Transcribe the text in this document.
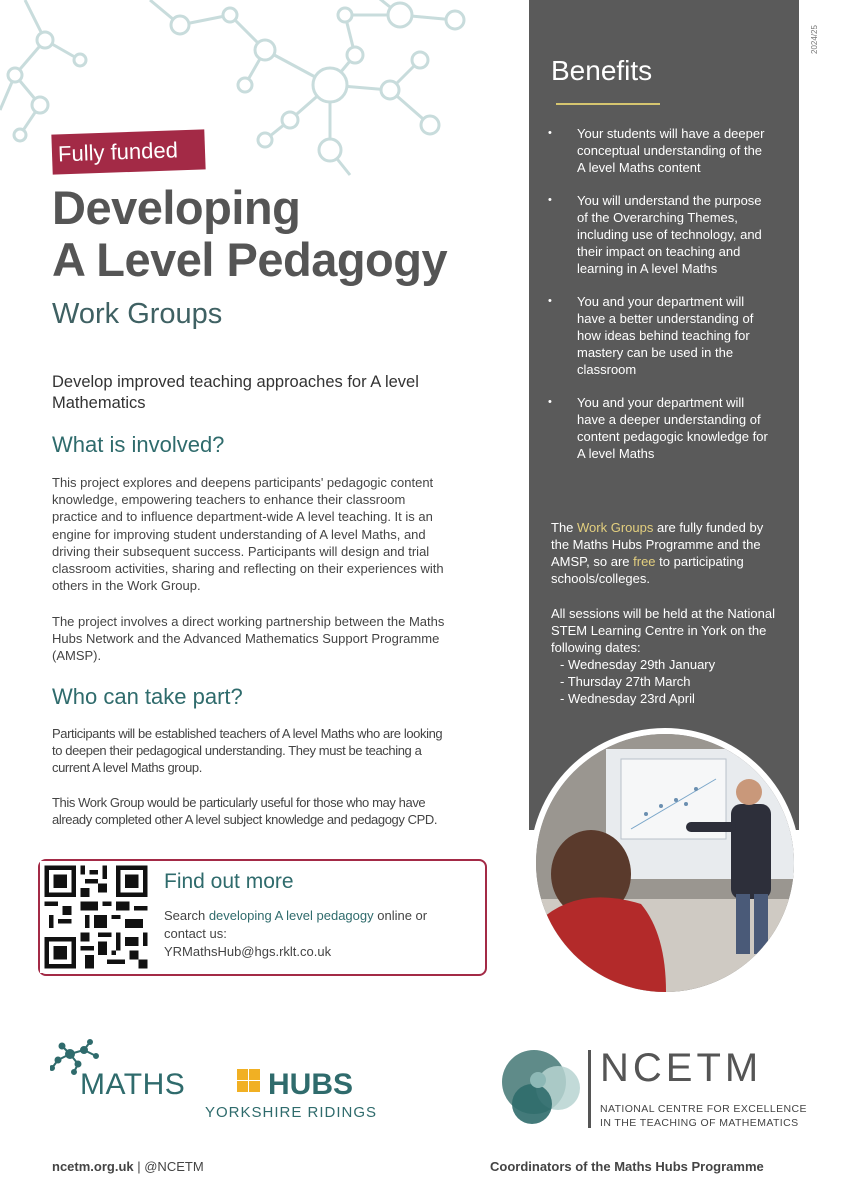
Fully funded
Developing
A Level Pedagogy
Work Groups
Develop improved teaching approaches for A level Mathematics
What is involved?
This project explores and deepens participants' pedagogic content knowledge, empowering teachers to enhance their classroom practice and to influence department-wide A level teaching. It is an engine for improving student understanding of A level Maths, and driving their subsequent success. Participants will design and trial classroom activities, sharing and reflecting on their experiences with others in the Work Group.
The project involves a direct working partnership between the Maths Hubs Network and the Advanced Mathematics Support Programme (AMSP).
Who can take part?
Participants will be established teachers of A level Maths who are looking to deepen their pedagogical understanding. They must be teaching a current A level Maths group.
This Work Group would be particularly useful for those who may have already completed other A level subject knowledge and pedagogy CPD.
Benefits
• Your students will have a deeper conceptual understanding of the A level Maths content
• You will understand the purpose of the Overarching Themes, including use of technology, and their impact on teaching and learning in A level Maths
• You and your department will have a better understanding of how ideas behind teaching for mastery can be used in the classroom
• You and your department will have a deeper understanding of content pedagogic knowledge for A level Maths
The Work Groups are fully funded by the Maths Hubs Programme and the AMSP, so are free to participating schools/colleges.
All sessions will be held at the National STEM Learning Centre in York on the following dates:
- Wednesday 29th January
- Thursday 27th March
- Wednesday 23rd April
2024/25
Find out more
Search developing A level pedagogy online or contact us:
YRMathsHub@hgs.rklt.co.uk
MATHS	HUBS
YORKSHIRE RIDINGS
NCETM
NATIONAL CENTRE FOR EXCELLENCE
IN THE TEACHING OF MATHEMATICS
ncetm.org.uk | @NCETM	Coordinators of the Maths Hubs Programme
